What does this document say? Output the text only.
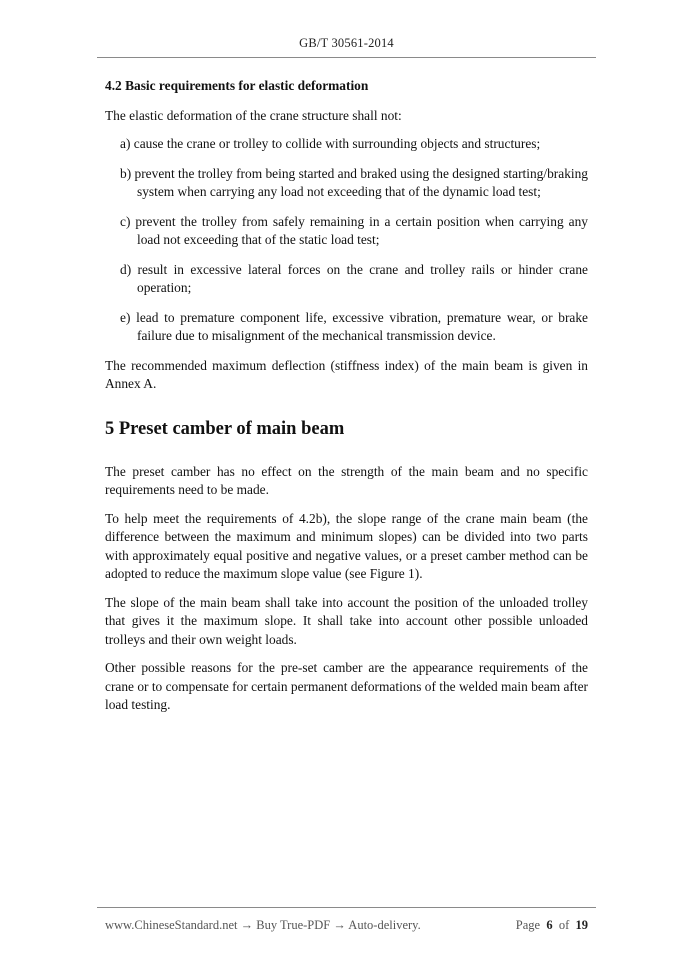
GB/T 30561-2014
4.2 Basic requirements for elastic deformation

The elastic deformation of the crane structure shall not:

a) cause the crane or trolley to collide with surrounding objects and structures;
b) prevent the trolley from being started and braked using the designed starting/braking system when carrying any load not exceeding that of the dynamic load test;
c) prevent the trolley from safely remaining in a certain position when carrying any load not exceeding that of the static load test;
d) result in excessive lateral forces on the crane and trolley rails or hinder crane operation;
e) lead to premature component life, excessive vibration, premature wear, or brake failure due to misalignment of the mechanical transmission device.

The recommended maximum deflection (stiffness index) of the main beam is given in Annex A.

5 Preset camber of main beam

The preset camber has no effect on the strength of the main beam and no specific requirements need to be made.

To help meet the requirements of 4.2b), the slope range of the crane main beam (the difference between the maximum and minimum slopes) can be divided into two parts with approximately equal positive and negative values, or a preset camber method can be adopted to reduce the maximum slope value (see Figure 1).

The slope of the main beam shall take into account the position of the unloaded trolley that gives it the maximum slope. It shall take into account other possible unloaded trolleys and their own weight loads.

Other possible reasons for the pre-set camber are the appearance requirements of the crane or to compensate for certain permanent deformations of the welded main beam after load testing.

www.ChineseStandard.net → Buy True-PDF → Auto-delivery.	Page 6 of 19
